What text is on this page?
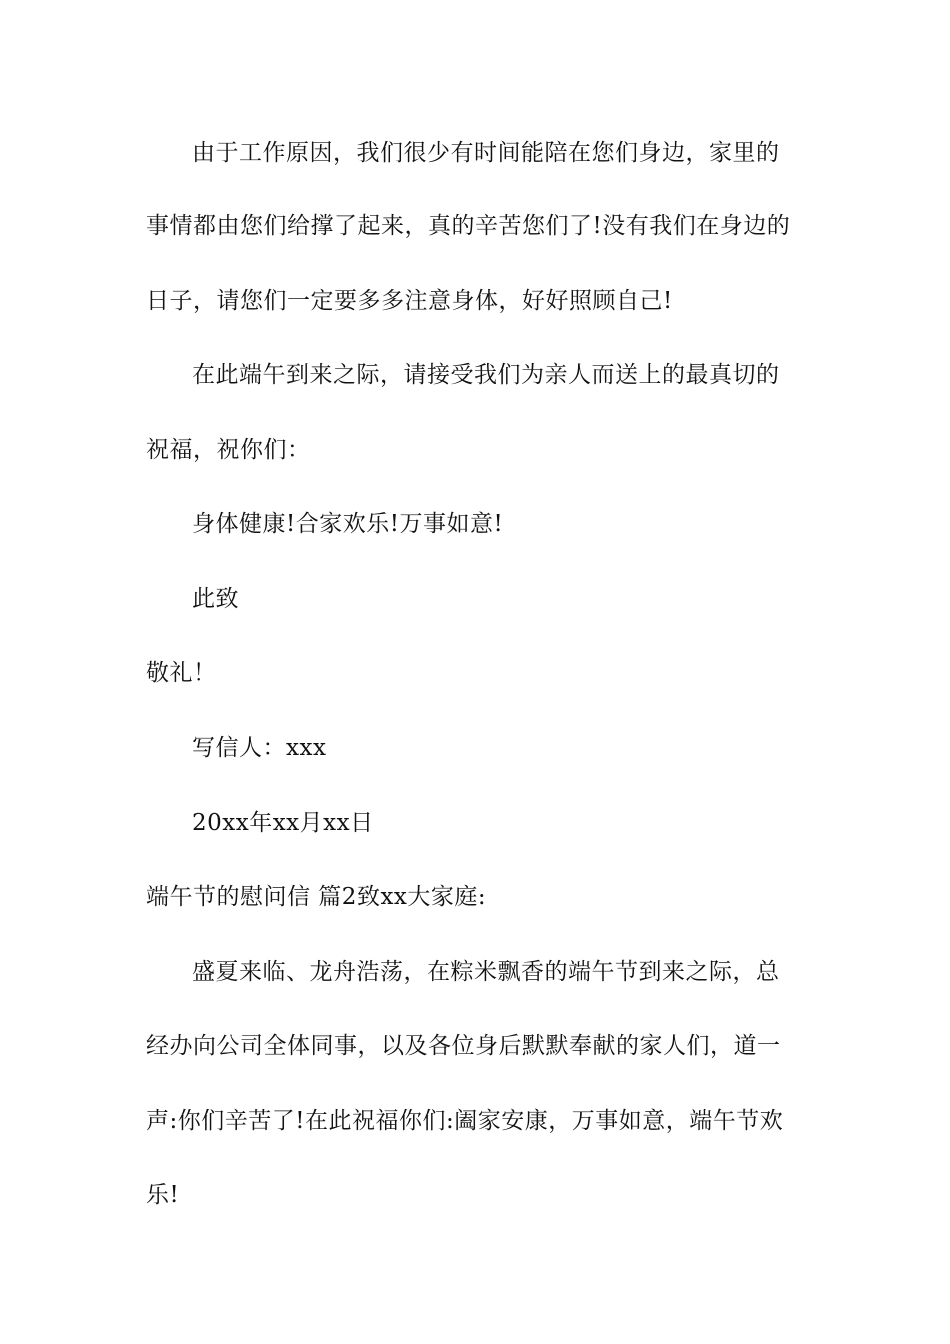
由于工作原因，我们很少有时间能陪在您们身边，家里的
事情都由您们给撑了起来，真的辛苦您们了!没有我们在身边的
日子，请您们一定要多多注意身体，好好照顾自己!
在此端午到来之际，请接受我们为亲人而送上的最真切的
祝福，祝你们：
身体健康!合家欢乐!万事如意!
此致
敬礼！
写信人：xxx
20xx年xx月xx日
端午节的慰问信 篇2致xx大家庭:
盛夏来临、龙舟浩荡，在粽米飘香的端午节到来之际，总
经办向公司全体同事，以及各位身后默默奉献的家人们，道一
声:你们辛苦了!在此祝福你们:阖家安康，万事如意，端午节欢
乐!
